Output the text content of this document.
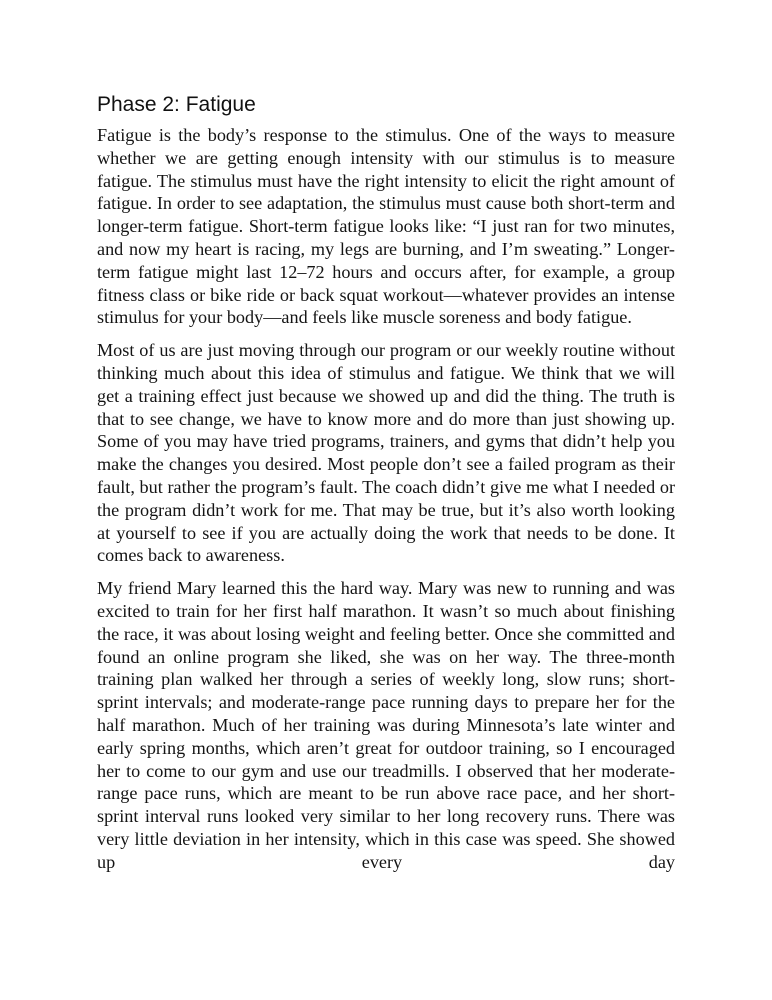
Phase 2: Fatigue

Fatigue is the body’s response to the stimulus. One of the ways to measure whether we are getting enough intensity with our stimulus is to measure fatigue. The stimulus must have the right intensity to elicit the right amount of fatigue. In order to see adaptation, the stimulus must cause both short-term and longer-term fatigue. Short-term fatigue looks like: “I just ran for two minutes, and now my heart is racing, my legs are burning, and I’m sweating.” Longer-term fatigue might last 12–72 hours and occurs after, for example, a group fitness class or bike ride or back squat workout—whatever provides an intense stimulus for your body—and feels like muscle soreness and body fatigue.

Most of us are just moving through our program or our weekly routine without thinking much about this idea of stimulus and fatigue. We think that we will get a training effect just because we showed up and did the thing. The truth is that to see change, we have to know more and do more than just showing up. Some of you may have tried programs, trainers, and gyms that didn’t help you make the changes you desired. Most people don’t see a failed program as their fault, but rather the program’s fault. The coach didn’t give me what I needed or the program didn’t work for me. That may be true, but it’s also worth looking at yourself to see if you are actually doing the work that needs to be done. It comes back to awareness.

My friend Mary learned this the hard way. Mary was new to running and was excited to train for her first half marathon. It wasn’t so much about finishing the race, it was about losing weight and feeling better. Once she committed and found an online program she liked, she was on her way. The three-month training plan walked her through a series of weekly long, slow runs; short-sprint intervals; and moderate-range pace running days to prepare her for the half marathon. Much of her training was during Minnesota’s late winter and early spring months, which aren’t great for outdoor training, so I encouraged her to come to our gym and use our treadmills. I observed that her moderate-range pace runs, which are meant to be run above race pace, and her short-sprint interval runs looked very similar to her long recovery runs. There was very little deviation in her intensity, which in this case was speed. She showed up every day
